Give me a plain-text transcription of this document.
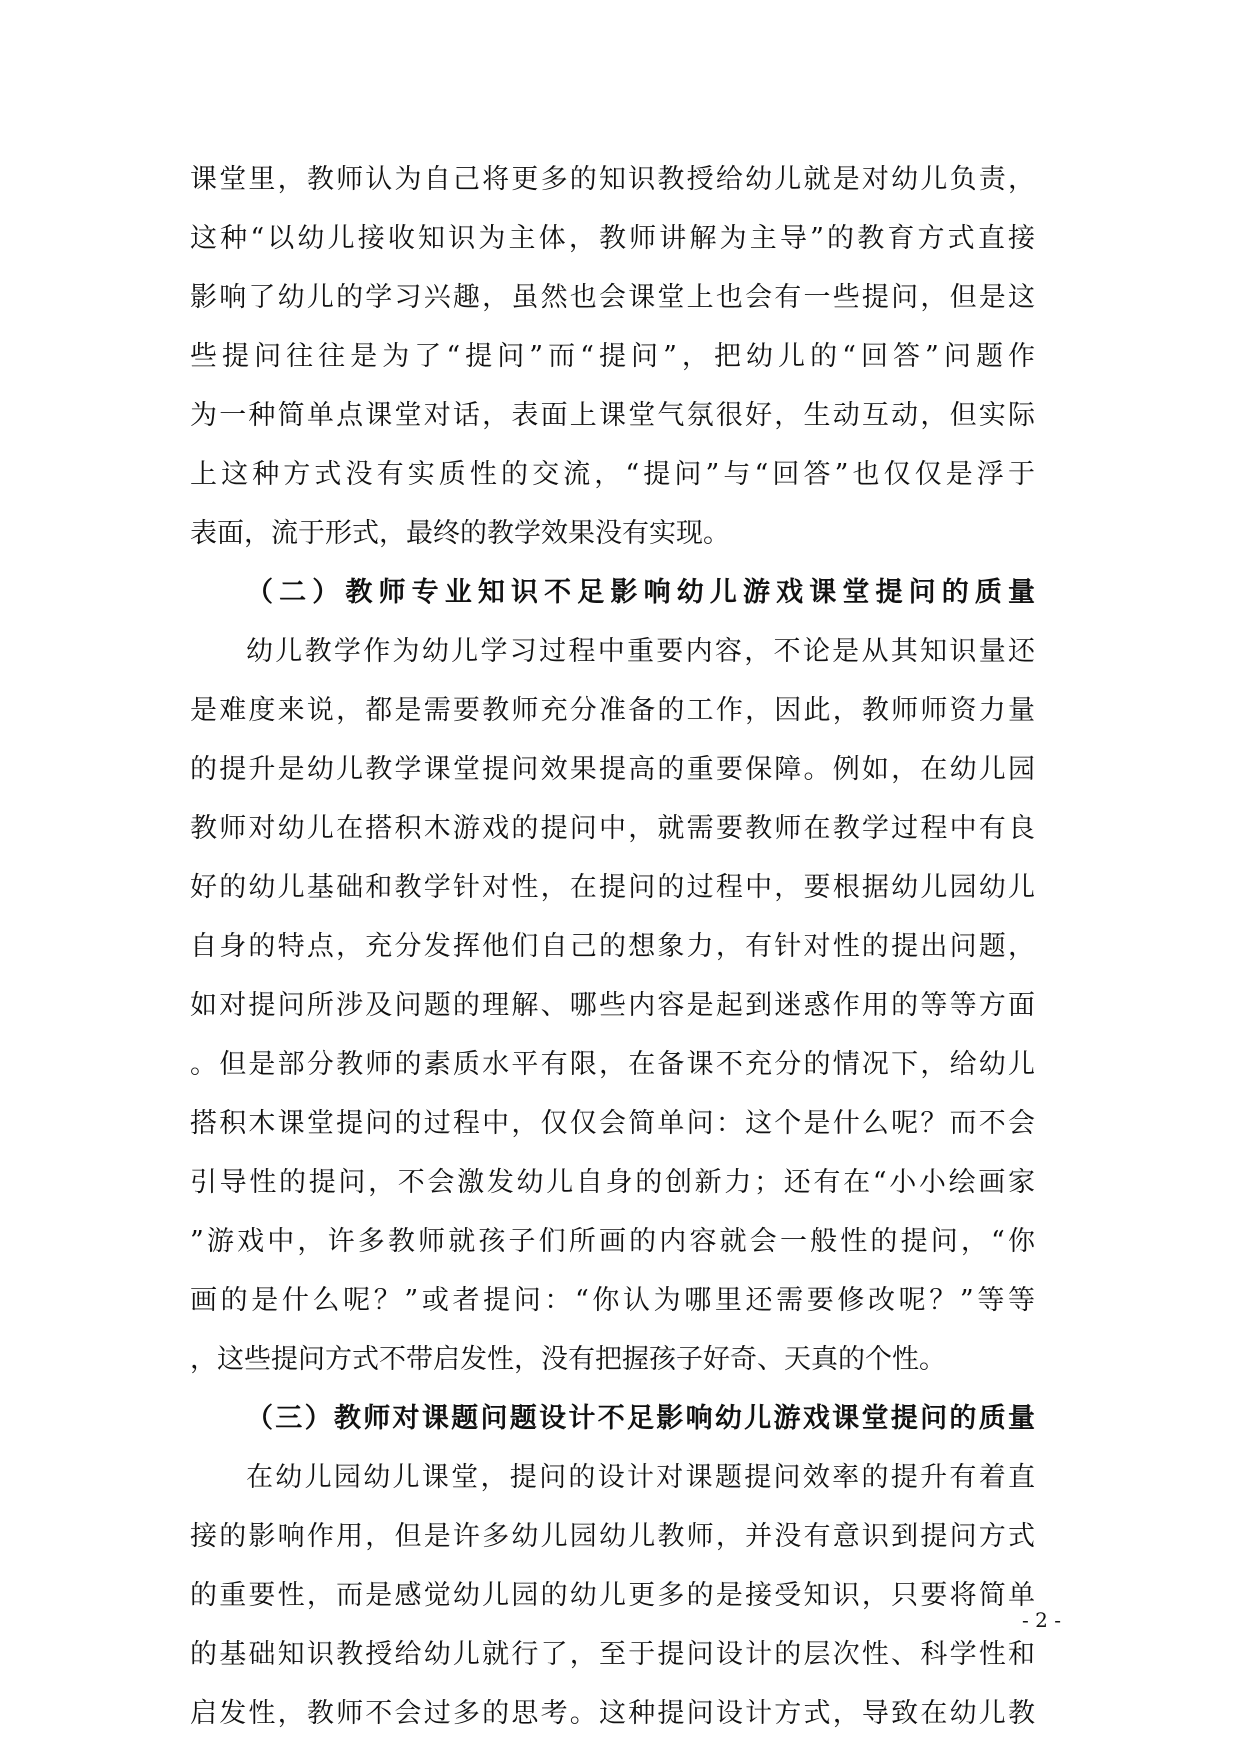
课堂里，教师认为自己将更多的知识教授给幼儿就是对幼儿负责，
这种“以幼儿接收知识为主体，教师讲解为主导”的教育方式直接
影响了幼儿的学习兴趣，虽然也会课堂上也会有一些提问，但是这
些提问往往是为了“提问”而“提问”，把幼儿的“回答”问题作
为一种简单点课堂对话，表面上课堂气氛很好，生动互动，但实际
上这种方式没有实质性的交流，“提问”与“回答”也仅仅是浮于
表面，流于形式，最终的教学效果没有实现。
（二）教师专业知识不足影响幼儿游戏课堂提问的质量
幼儿教学作为幼儿学习过程中重要内容，不论是从其知识量还
是难度来说，都是需要教师充分准备的工作，因此，教师师资力量
的提升是幼儿教学课堂提问效果提高的重要保障。例如，在幼儿园
教师对幼儿在搭积木游戏的提问中，就需要教师在教学过程中有良
好的幼儿基础和教学针对性，在提问的过程中，要根据幼儿园幼儿
自身的特点，充分发挥他们自己的想象力，有针对性的提出问题，
如对提问所涉及问题的理解、哪些内容是起到迷惑作用的等等方面
。但是部分教师的素质水平有限，在备课不充分的情况下，给幼儿
搭积木课堂提问的过程中，仅仅会简单问：这个是什么呢？而不会
引导性的提问，不会激发幼儿自身的创新力；还有在“小小绘画家
”游戏中，许多教师就孩子们所画的内容就会一般性的提问，“你
画的是什么呢？”或者提问：“你认为哪里还需要修改呢？”等等
，这些提问方式不带启发性，没有把握孩子好奇、天真的个性。
（三）教师对课题问题设计不足影响幼儿游戏课堂提问的质量
在幼儿园幼儿课堂，提问的设计对课题提问效率的提升有着直
接的影响作用，但是许多幼儿园幼儿教师，并没有意识到提问方式
的重要性，而是感觉幼儿园的幼儿更多的是接受知识，只要将简单
的基础知识教授给幼儿就行了，至于提问设计的层次性、科学性和
启发性，教师不会过多的思考。这种提问设计方式，导致在幼儿教
- 2 -
